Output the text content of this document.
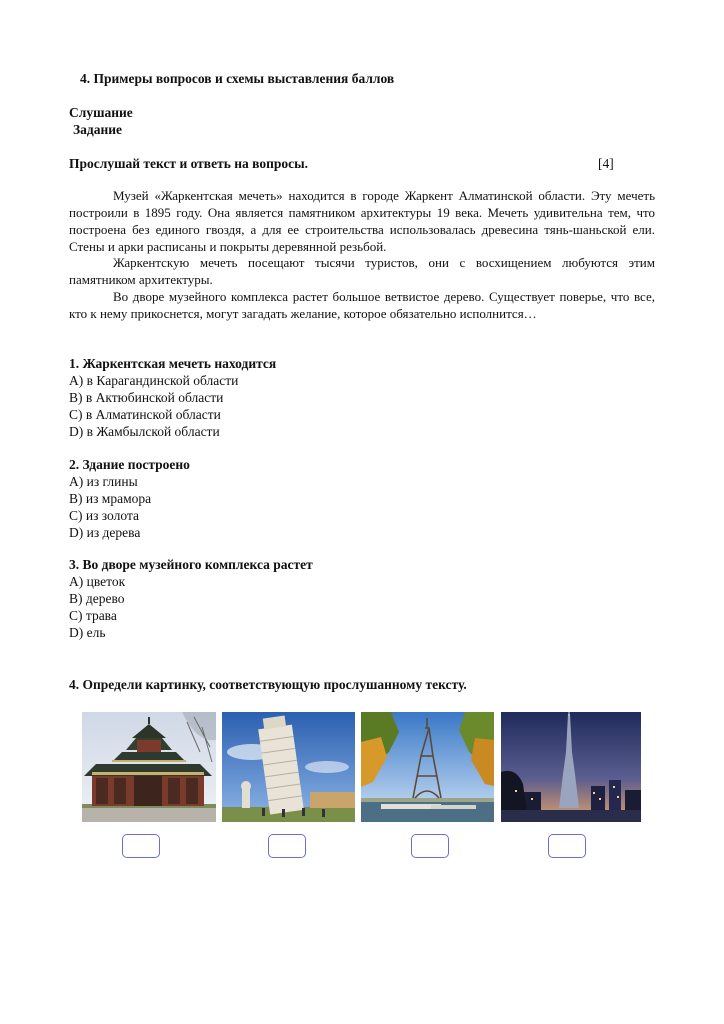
4. Примеры вопросов и схемы выставления баллов
Слушание
Задание
Прослушай текст и ответь на вопросы.	[4]
Музей «Жаркентская мечеть» находится в городе Жаркент Алматинской области. Эту мечеть построили в 1895 году. Она является памятником архитектуры 19 века. Мечеть удивительна тем, что построена без единого гвоздя, а для ее строительства использовалась древесина тянь-шаньской ели. Стены и арки расписаны и покрыты деревянной резьбой.
Жаркентскую мечеть посещают тысячи туристов, они с восхищением любуются этим памятником архитектуры.
Во дворе музейного комплекса растет большое ветвистое дерево. Существует поверье, что все, кто к нему прикоснется, могут загадать желание, которое обязательно исполнится…
1. Жаркентская мечеть находится
A) в Карагандинской области
B) в Актюбинской области
C) в Алматинской области
D) в Жамбылской области
2. Здание построено
A) из глины
B) из мрамора
C) из золота
D) из дерева
3. Во дворе музейного комплекса растет
A) цветок
B) дерево
C) трава
D) ель
4. Определи картинку, соответствующую прослушанному тексту.
